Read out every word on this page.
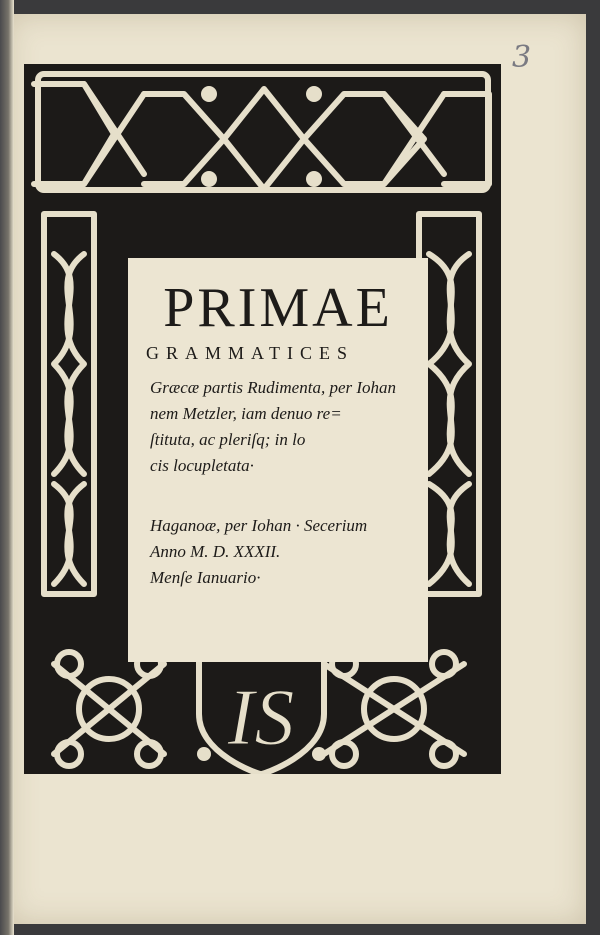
3
IS
PRIMAE
GRAMMATICES
Græcæ partis Rudimenta, per Iohan
nem Metzler, iam denuo re=
ſtituta, ac pleriſq; in lo
cis locupletata·
Haganoæ, per Iohan · Secerium
Anno M. D. XXXII.
Menſe Ianuario·
